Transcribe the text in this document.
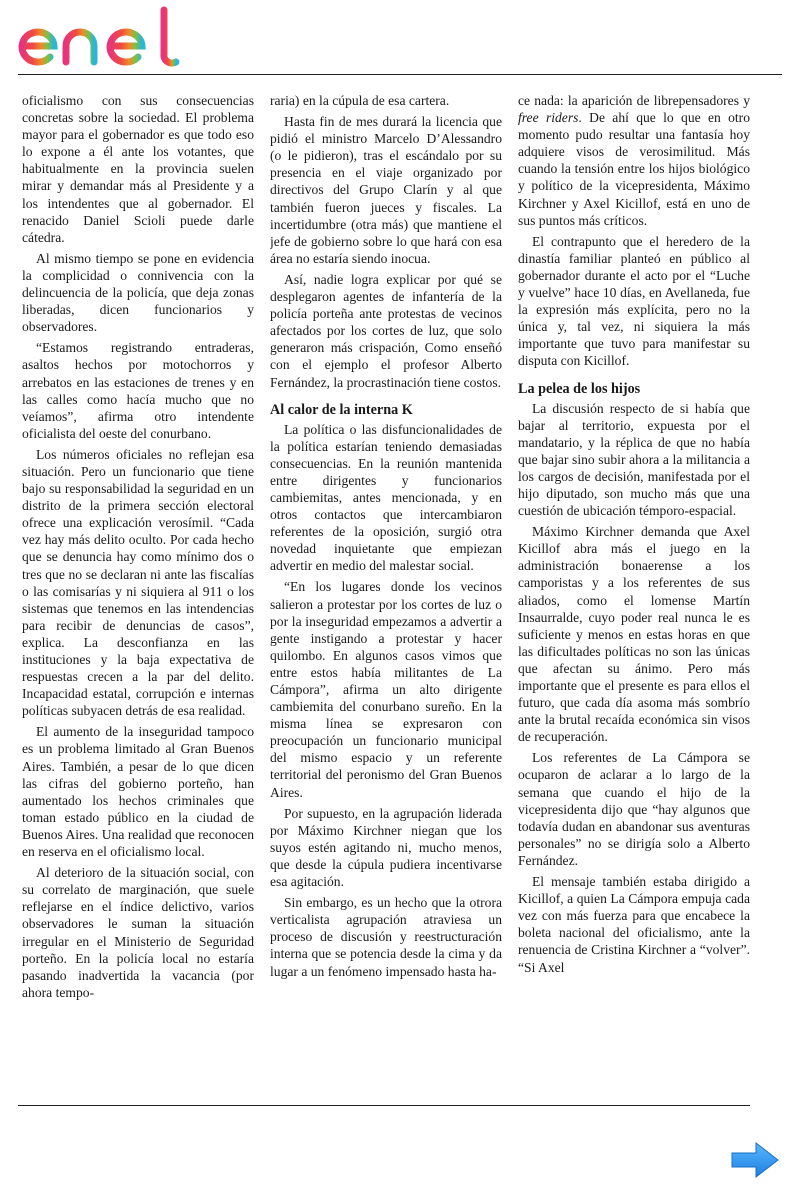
oficialismo con sus consecuencias concretas sobre la sociedad. El problema mayor para el gobernador es que todo eso lo expone a él ante los votantes, que habitualmente en la provincia suelen mirar y demandar más al Presidente y a los intendentes que al gobernador. El renacido Daniel Scioli puede darle cátedra.

Al mismo tiempo se pone en evidencia la complicidad o connivencia con la delincuencia de la policía, que deja zonas liberadas, dicen funcionarios y observadores.

“Estamos registrando entraderas, asaltos hechos por motochorros y arrebatos en las estaciones de trenes y en las calles como hacía mucho que no veíamos”, afirma otro intendente oficialista del oeste del conurbano.

Los números oficiales no reflejan esa situación. Pero un funcionario que tiene bajo su responsabilidad la seguridad en un distrito de la primera sección electoral ofrece una explicación verosímil. “Cada vez hay más delito oculto. Por cada hecho que se denuncia hay como mínimo dos o tres que no se declaran ni ante las fiscalías o las comisarías y ni siquiera al 911 o los sistemas que tenemos en las intendencias para recibir de denuncias de casos”, explica. La desconfianza en las instituciones y la baja expectativa de respuestas crecen a la par del delito. Incapacidad estatal, corrupción e internas políticas subyacen detrás de esa realidad.

El aumento de la inseguridad tampoco es un problema limitado al Gran Buenos Aires. También, a pesar de lo que dicen las cifras del gobierno porteño, han aumentado los hechos criminales que toman estado público en la ciudad de Buenos Aires. Una realidad que reconocen en reserva en el oficialismo local.

Al deterioro de la situación social, con su correlato de marginación, que suele reflejarse en el índice delictivo, varios observadores le suman la situación irregular en el Ministerio de Seguridad porteño. En la policía local no estaría pasando inadvertida la vacancia (por ahora tempo-

raria) en la cúpula de esa cartera.

Hasta fin de mes durará la licencia que pidió el ministro Marcelo D’Alessandro (o le pidieron), tras el escándalo por su presencia en el viaje organizado por directivos del Grupo Clarín y al que también fueron jueces y fiscales. La incertidumbre (otra más) que mantiene el jefe de gobierno sobre lo que hará con esa área no estaría siendo inocua.

Así, nadie logra explicar por qué se desplegaron agentes de infantería de la policía porteña ante protestas de vecinos afectados por los cortes de luz, que solo generaron más crispación, Como enseñó con el ejemplo el profesor Alberto Fernández, la procrastinación tiene costos.

Al calor de la interna K

La política o las disfuncionalidades de la política estarían teniendo demasiadas consecuencias. En la reunión mantenida entre dirigentes y funcionarios cambiemitas, antes mencionada, y en otros contactos que intercambiaron referentes de la oposición, surgió otra novedad inquietante que empiezan advertir en medio del malestar social.

“En los lugares donde los vecinos salieron a protestar por los cortes de luz o por la inseguridad empezamos a advertir a gente instigando a protestar y hacer quilombo. En algunos casos vimos que entre estos había militantes de La Cámpora”, afirma un alto dirigente cambiemita del conurbano sureño. En la misma línea se expresaron con preocupación un funcionario municipal del mismo espacio y un referente territorial del peronismo del Gran Buenos Aires.

Por supuesto, en la agrupación liderada por Máximo Kirchner niegan que los suyos estén agitando ni, mucho menos, que desde la cúpula pudiera incentivarse esa agitación.

Sin embargo, es un hecho que la otrora verticalista agrupación atraviesa un proceso de discusión y reestructuración interna que se potencia desde la cima y da lugar a un fenómeno impensado hasta ha-

ce nada: la aparición de librepensadores y free riders. De ahí que lo que en otro momento pudo resultar una fantasía hoy adquiere visos de verosimilitud. Más cuando la tensión entre los hijos biológico y político de la vicepresidenta, Máximo Kirchner y Axel Kicillof, está en uno de sus puntos más críticos.

El contrapunto que el heredero de la dinastía familiar planteó en público al gobernador durante el acto por el “Luche y vuelve” hace 10 días, en Avellaneda, fue la expresión más explícita, pero no la única y, tal vez, ni siquiera la más importante que tuvo para manifestar su disputa con Kicillof.

La pelea de los hijos

La discusión respecto de si había que bajar al territorio, expuesta por el mandatario, y la réplica de que no había que bajar sino subir ahora a la militancia a los cargos de decisión, manifestada por el hijo diputado, son mucho más que una cuestión de ubicación témporo-espacial.

Máximo Kirchner demanda que Axel Kicillof abra más el juego en la administración bonaerense a los camporistas y a los referentes de sus aliados, como el lomense Martín Insaurralde, cuyo poder real nunca le es suficiente y menos en estas horas en que las dificultades políticas no son las únicas que afectan su ánimo. Pero más importante que el presente es para ellos el futuro, que cada día asoma más sombrío ante la brutal recaída económica sin visos de recuperación.

Los referentes de La Cámpora se ocuparon de aclarar a lo largo de la semana que cuando el hijo de la vicepresidenta dijo que “hay algunos que todavía dudan en abandonar sus aventuras personales” no se dirigía solo a Alberto Fernández.

El mensaje también estaba dirigido a Kicillof, a quien La Cámpora empuja cada vez con más fuerza para que encabece la boleta nacional del oficialismo, ante la renuencia de Cristina Kirchner a “volver”. “Si Axel
